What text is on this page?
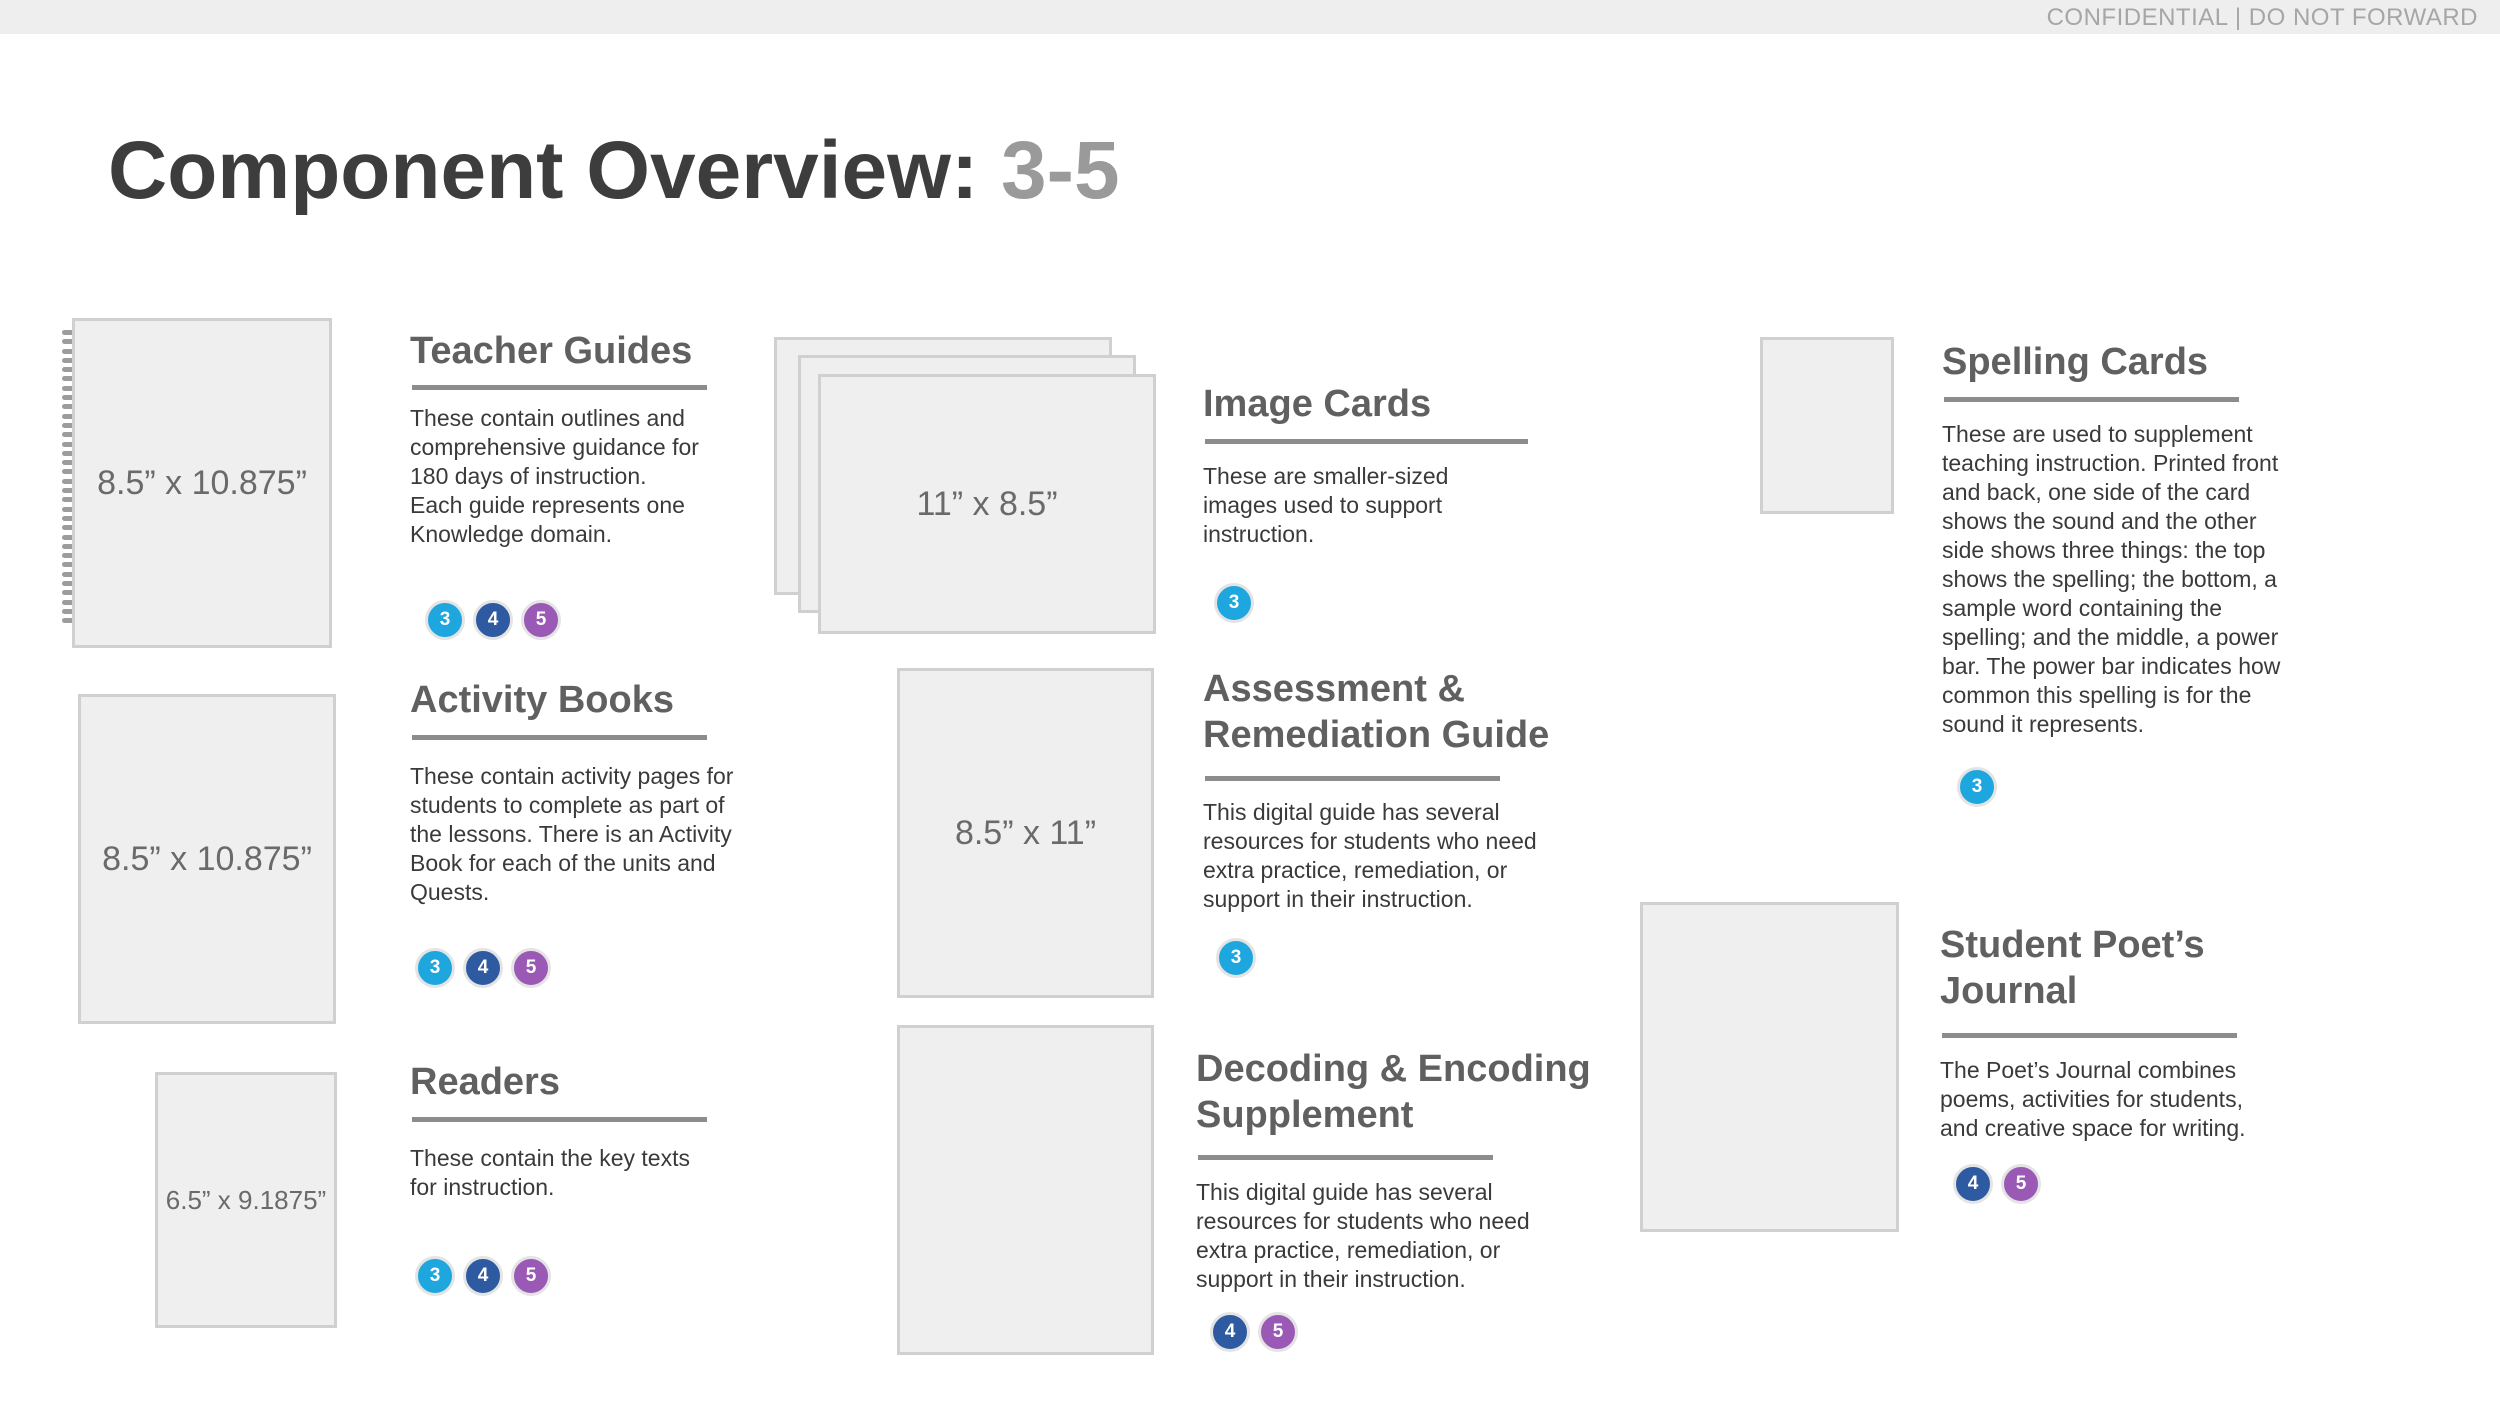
CONFIDENTIAL | DO NOT FORWARD
Component Overview: 3-5
8.5” x 10.875”
Teacher Guides
These contain outlines and
comprehensive guidance for
180 days of instruction.
Each guide represents one
Knowledge domain.
3	4	5
8.5” x 10.875”
Activity Books
These contain activity pages for
students to complete as part of
the lessons. There is an Activity
Book for each of the units and
Quests.
3	4	5
6.5” x 9.1875”
Readers
These contain the key texts
for instruction.
3	4	5
11” x 8.5”
Image Cards
These are smaller-sized
images used to support
instruction.
3
8.5” x 11”
Assessment &
Remediation Guide
This digital guide has several
resources for students who need
extra practice, remediation, or
support in their instruction.
3
Decoding & Encoding
Supplement
This digital guide has several
resources for students who need
extra practice, remediation, or
support in their instruction.
4	5
Spelling Cards
These are used to supplement
teaching instruction. Printed front
and back, one side of the card
shows the sound and the other
side shows three things: the top
shows the spelling; the bottom, a
sample word containing the
spelling; and the middle, a power
bar. The power bar indicates how
common this spelling is for the
sound it represents.
3
Student Poet’s
Journal
The Poet’s Journal combines
poems, activities for students,
and creative space for writing.
4	5
